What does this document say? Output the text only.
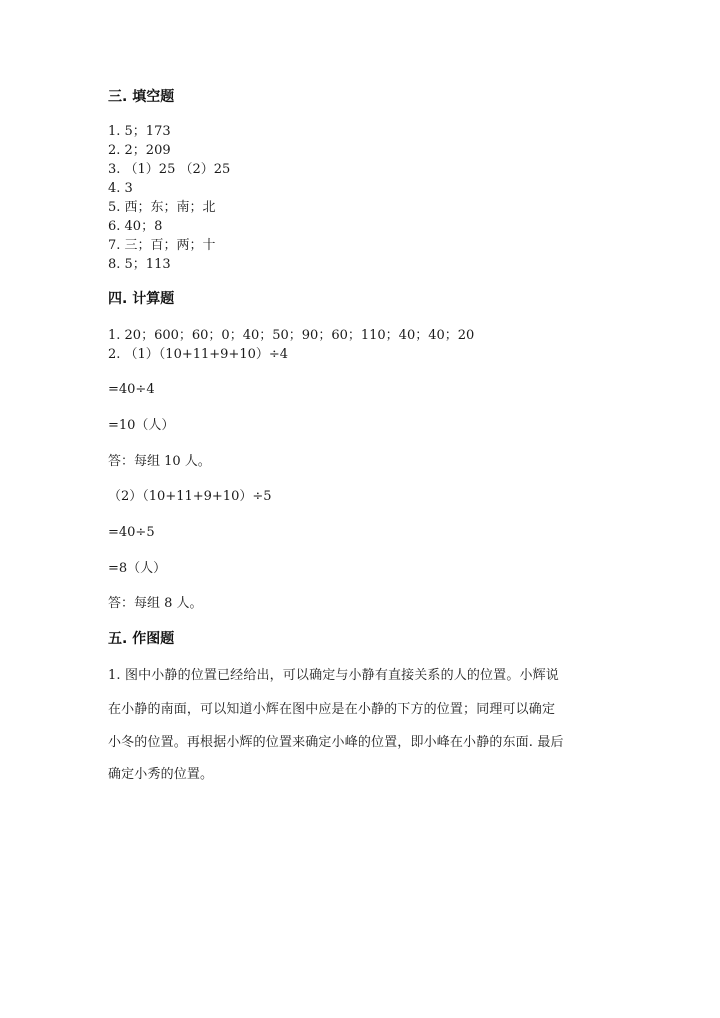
三. 填空题
1. 5；173
2. 2；209
3. （1）25 （2）25
4. 3
5. 西；东；南；北
6. 40；8
7. 三；百；两；十
8. 5；113
四. 计算题
1. 20；600；60；0；40；50；90；60；110；40；40；20
2. （1）（10+11+9+10）÷4
=40÷4
=10（人）
答：每组 10 人。
（2）（10+11+9+10）÷5
=40÷5
=8（人）
答：每组 8 人。
五. 作图题
1. 图中小静的位置已经给出，可以确定与小静有直接关系的人的位置。小辉说
在小静的南面，可以知道小辉在图中应是在小静的下方的位置；同理可以确定
小冬的位置。再根据小辉的位置来确定小峰的位置，即小峰在小静的东面. 最后
确定小秀的位置。
